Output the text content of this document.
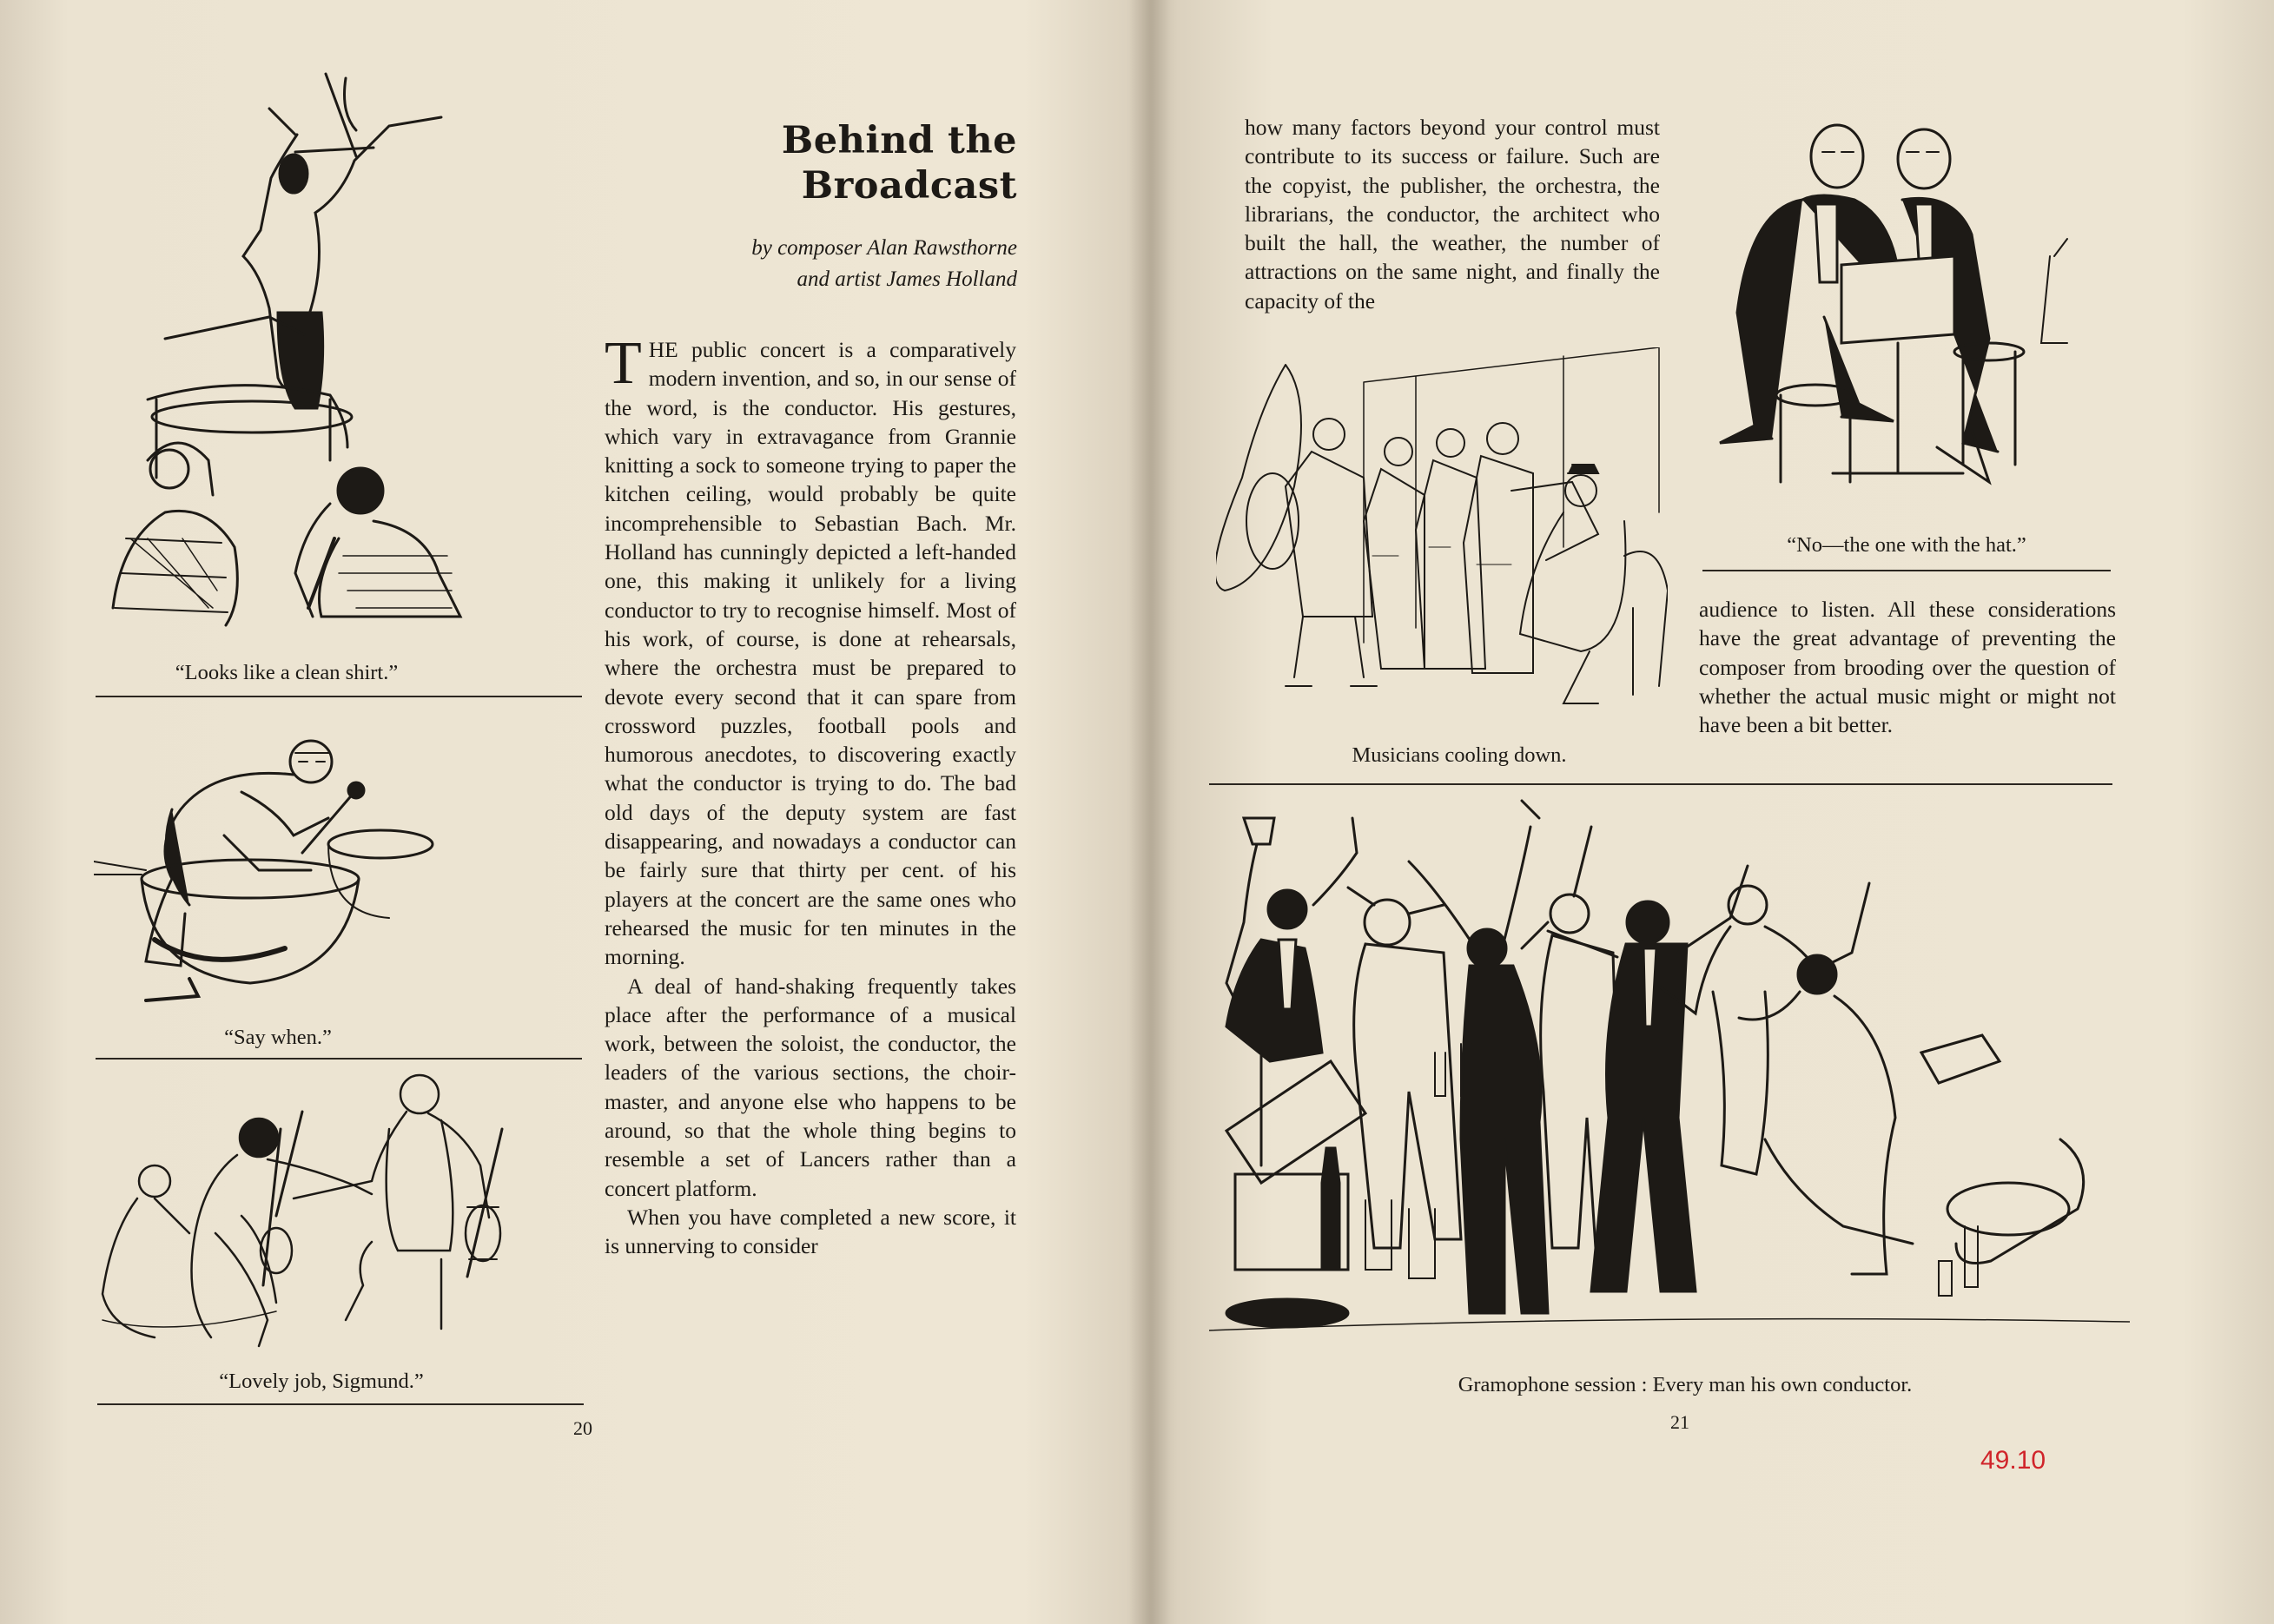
Behind the
Broadcast
by composer Alan Rawsthorne
and artist James Holland

THE public concert is a comparatively modern invention, and so, in our sense of the word, is the conductor. His gestures, which vary in extravagance from Grannie knitting a sock to someone trying to paper the kitchen ceiling, would probably be quite incomprehensible to Sebastian Bach. Mr. Holland has cunningly depicted a left-handed one, this making it unlikely for a living conductor to try to recognise himself. Most of his work, of course, is done at rehearsals, where the orchestra must be prepared to devote every second that it can spare from crossword puzzles, football pools and humorous anecdotes, to discovering exactly what the conductor is trying to do. The bad old days of the deputy system are fast disappearing, and nowadays a conductor can be fairly sure that thirty per cent. of his players at the concert are the same ones who rehearsed the music for ten minutes in the morning.

A deal of hand-shaking frequently takes place after the performance of a musical work, between the soloist, the conductor, the leaders of the various sections, the choir-master, and anyone else who happens to be around, so that the whole thing begins to resemble a set of Lancers rather than a concert platform.

When you have completed a new score, it is unnerving to consider

“Looks like a clean shirt.”
“Say when.”
“Lovely job, Sigmund.”
20
how many factors beyond your control must contribute to its success or failure. Such are the copyist, the publisher, the orchestra, the librarians, the conductor, the architect who built the hall, the weather, the number of attractions on the same night, and finally the capacity of the
“No—the one with the hat.”
Musicians cooling down.
audience to listen. All these considerations have the great advantage of preventing the composer from brooding over the question of whether the actual music might or might not have been a bit better.
Gramophone session : Every man his own conductor.
21
49.10
